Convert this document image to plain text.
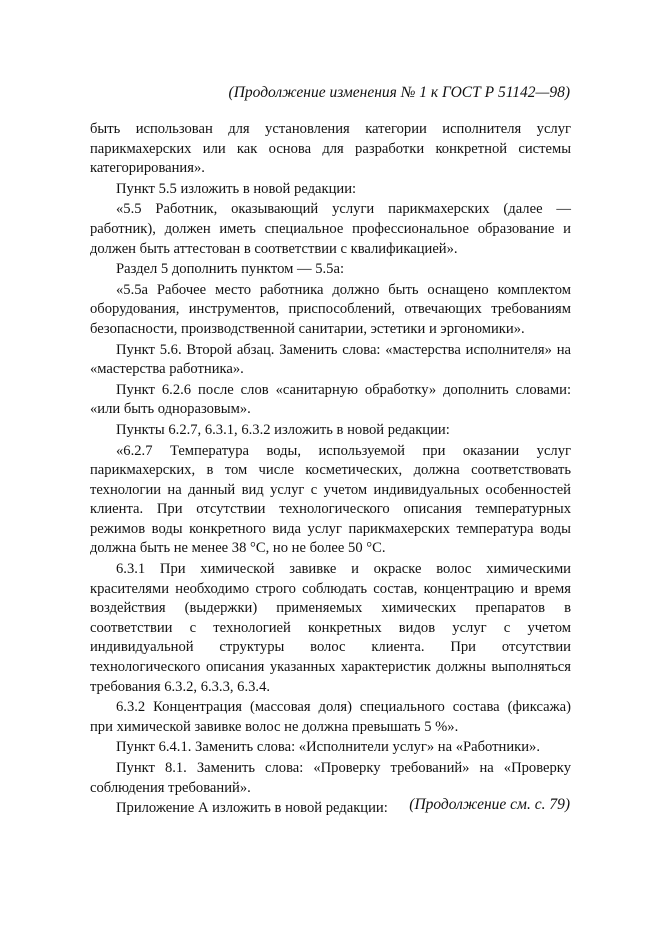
(Продолжение изменения № 1 к ГОСТ Р 51142—98)

быть использован для установления категории исполнителя услуг парикмахерских или как основа для разработки конкретной системы категорирования».

Пункт 5.5 изложить в новой редакции:

«5.5 Работник, оказывающий услуги парикмахерских (далее — работник), должен иметь специальное профессиональное образование и должен быть аттестован в соответствии с квалификацией».

Раздел 5 дополнить пунктом — 5.5а:

«5.5а Рабочее место работника должно быть оснащено комплектом оборудования, инструментов, приспособлений, отвечающих требованиям безопасности, производственной санитарии, эстетики и эргономики».

Пункт 5.6. Второй абзац. Заменить слова: «мастерства исполнителя» на «мастерства работника».

Пункт 6.2.6 после слов «санитарную обработку» дополнить словами: «или быть одноразовым».

Пункты 6.2.7, 6.3.1, 6.3.2 изложить в новой редакции:

«6.2.7 Температура воды, используемой при оказании услуг парикмахерских, в том числе косметических, должна соответствовать технологии на данный вид услуг с учетом индивидуальных особенностей клиента. При отсутствии технологического описания температурных режимов воды конкретного вида услуг парикмахерских температура воды должна быть не менее 38 °С, но не более 50 °С.

6.3.1 При химической завивке и окраске волос химическими красителями необходимо строго соблюдать состав, концентрацию и время воздействия (выдержки) применяемых химических препаратов в соответствии с технологией конкретных видов услуг с учетом индивидуальной структуры волос клиента. При отсутствии технологического описания указанных характеристик должны выполняться требования 6.3.2, 6.3.3, 6.3.4.

6.3.2 Концентрация (массовая доля) специального состава (фиксажа) при химической завивке волос не должна превышать 5 %».

Пункт 6.4.1. Заменить слова: «Исполнители услуг» на «Работники».

Пункт 8.1. Заменить слова: «Проверку требований» на «Проверку соблюдения требований».

Приложение А изложить в новой редакции:	(Продолжение см. с. 79)
